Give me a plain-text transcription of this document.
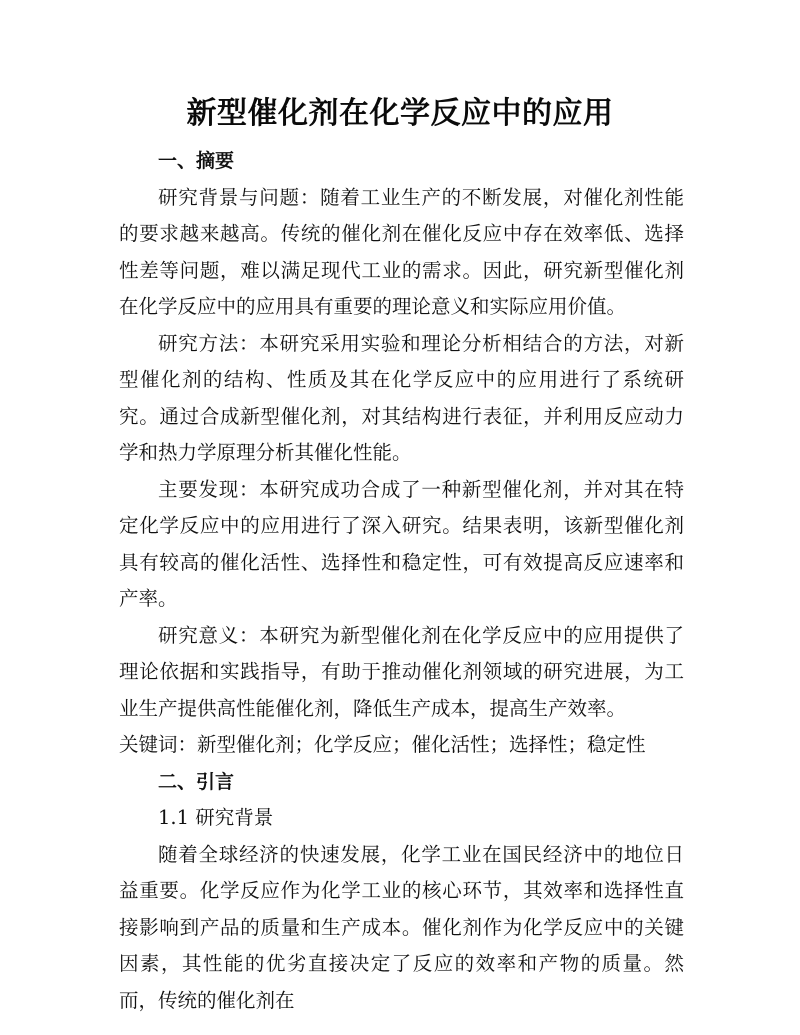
新型催化剂在化学反应中的应用
一、摘要

研究背景与问题：随着工业生产的不断发展，对催化剂性能的要求越来越高。传统的催化剂在催化反应中存在效率低、选择性差等问题，难以满足现代工业的需求。因此，研究新型催化剂在化学反应中的应用具有重要的理论意义和实际应用价值。

研究方法：本研究采用实验和理论分析相结合的方法，对新型催化剂的结构、性质及其在化学反应中的应用进行了系统研究。通过合成新型催化剂，对其结构进行表征，并利用反应动力学和热力学原理分析其催化性能。

主要发现：本研究成功合成了一种新型催化剂，并对其在特定化学反应中的应用进行了深入研究。结果表明，该新型催化剂具有较高的催化活性、选择性和稳定性，可有效提高反应速率和产率。

研究意义：本研究为新型催化剂在化学反应中的应用提供了理论依据和实践指导，有助于推动催化剂领域的研究进展，为工业生产提供高性能催化剂，降低生产成本，提高生产效率。

关键词：新型催化剂；化学反应；催化活性；选择性；稳定性

二、引言

1.1 研究背景

随着全球经济的快速发展，化学工业在国民经济中的地位日益重要。化学反应作为化学工业的核心环节，其效率和选择性直接影响到产品的质量和生产成本。催化剂作为化学反应中的关键因素，其性能的优劣直接决定了反应的效率和产物的质量。然而，传统的催化剂在
